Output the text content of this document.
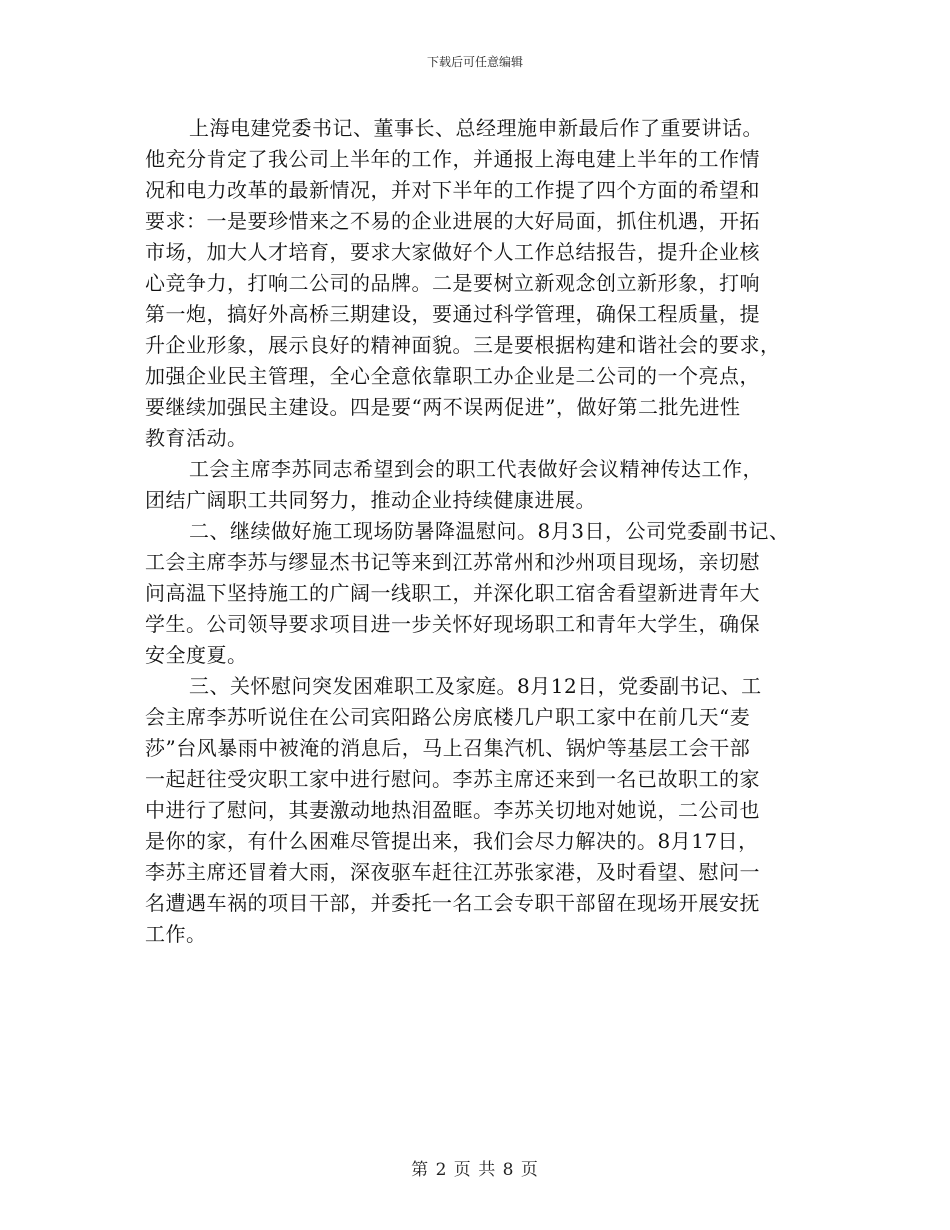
下载后可任意编辑
上海电建党委书记、董事长、总经理施申新最后作了重要讲话。
他充分肯定了我公司上半年的工作，并通报上海电建上半年的工作情
况和电力改革的最新情况，并对下半年的工作提了四个方面的希望和
要求：一是要珍惜来之不易的企业进展的大好局面，抓住机遇，开拓
市场，加大人才培育，要求大家做好个人工作总结报告，提升企业核
心竞争力，打响二公司的品牌。二是要树立新观念创立新形象，打响
第一炮，搞好外高桥三期建设，要通过科学管理，确保工程质量，提
升企业形象，展示良好的精神面貌。三是要根据构建和谐社会的要求，
加强企业民主管理，全心全意依靠职工办企业是二公司的一个亮点，
要继续加强民主建设。四是要“两不误两促进”，做好第二批先进性
教育活动。
工会主席李苏同志希望到会的职工代表做好会议精神传达工作，
团结广阔职工共同努力，推动企业持续健康进展。
二、继续做好施工现场防暑降温慰问。8月3日，公司党委副书记、
工会主席李苏与缪显杰书记等来到江苏常州和沙州项目现场，亲切慰
问高温下坚持施工的广阔一线职工，并深化职工宿舍看望新进青年大
学生。公司领导要求项目进一步关怀好现场职工和青年大学生，确保
安全度夏。
三、关怀慰问突发困难职工及家庭。8月12日，党委副书记、工
会主席李苏听说住在公司宾阳路公房底楼几户职工家中在前几天“麦
莎”台风暴雨中被淹的消息后，马上召集汽机、锅炉等基层工会干部
一起赶往受灾职工家中进行慰问。李苏主席还来到一名已故职工的家
中进行了慰问，其妻激动地热泪盈眶。李苏关切地对她说，二公司也
是你的家，有什么困难尽管提出来，我们会尽力解决的。8月17日，
李苏主席还冒着大雨，深夜驱车赶往江苏张家港，及时看望、慰问一
名遭遇车祸的项目干部，并委托一名工会专职干部留在现场开展安抚
工作。
第 2 页 共 8 页
